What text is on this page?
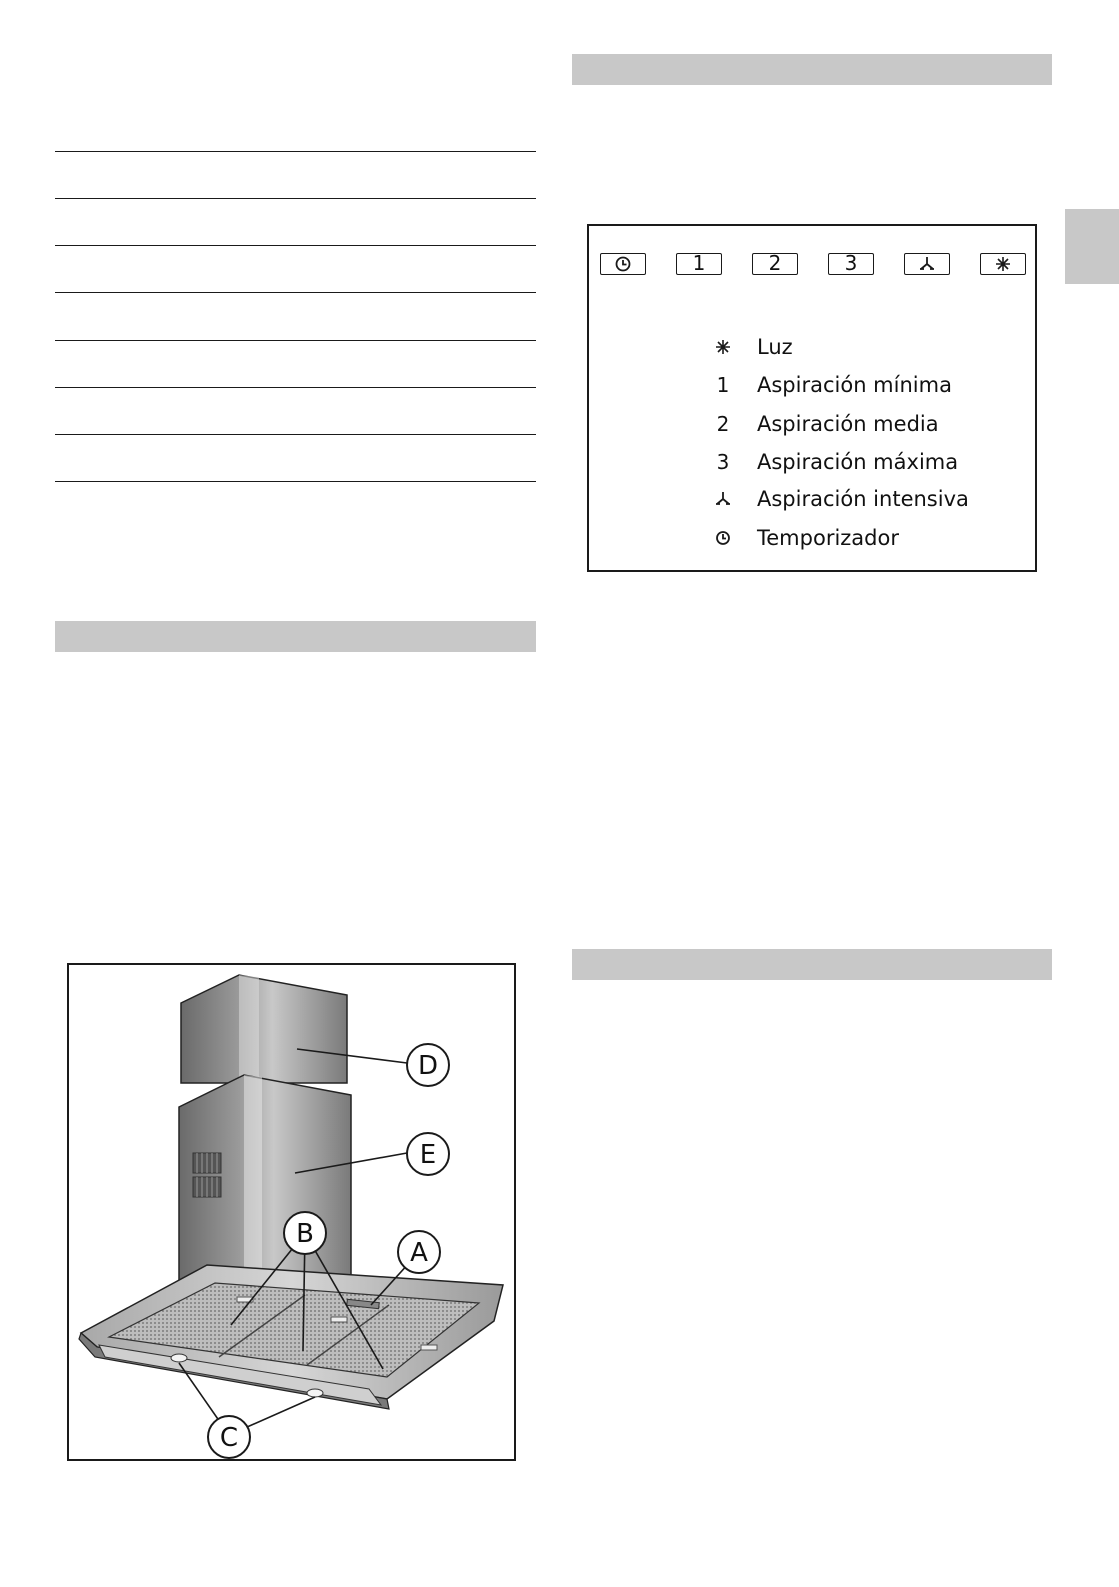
1	2	3
Luz
1	Aspiración mínima
2	Aspiración media
3	Aspiración máxima
Aspiración intensiva
Temporizador
D
E
B
A
C
